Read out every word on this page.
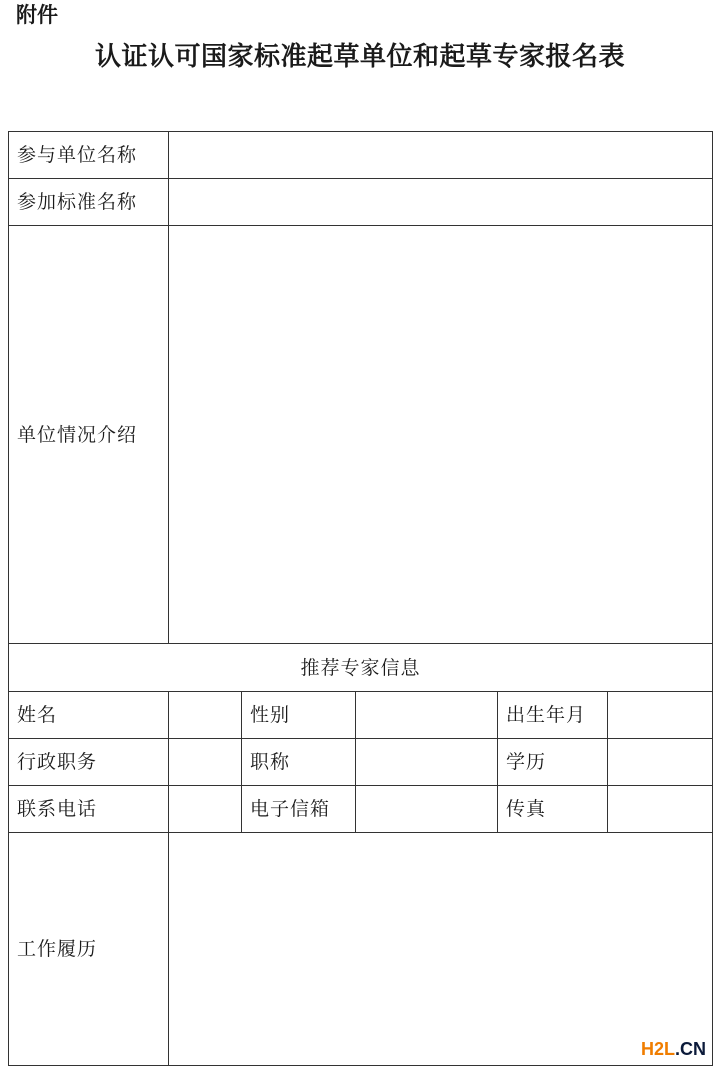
附件
认证认可国家标准起草单位和起草专家报名表
参与单位名称					
参加标准名称					
单位情况介绍					
推荐专家信息					
姓名		性别		出生年月	
行政职务		职称		学历	
联系电话		电子信箱		传真	
工作履历					
H2L.CN
